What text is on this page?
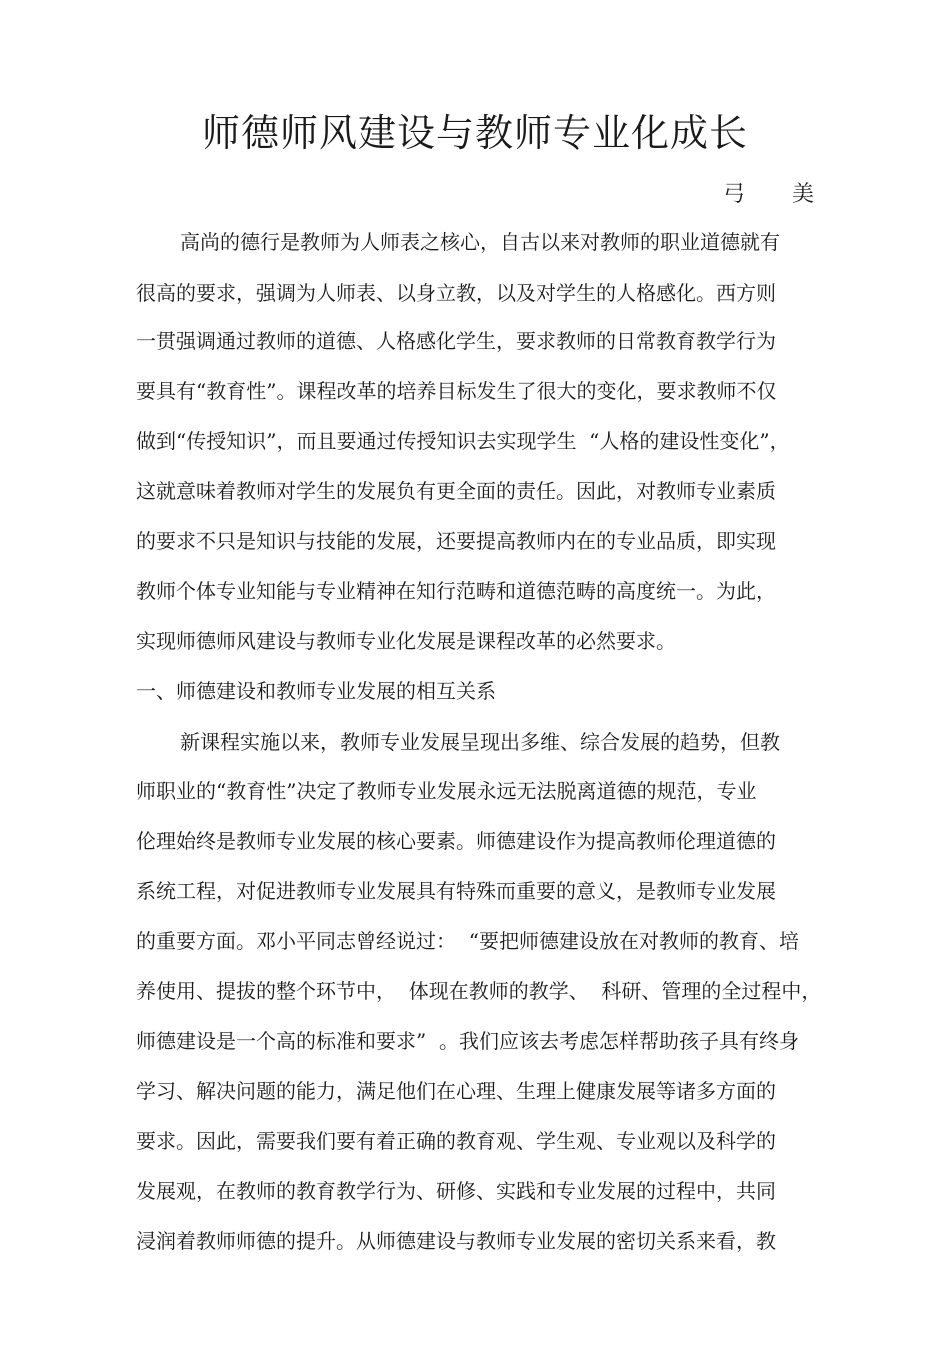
师德师风建设与教师专业化成长

弓 美

高尚的德行是教师为人师表之核心，自古以来对教师的职业道德就有

很高的要求，强调为人师表、以身立教，以及对学生的人格感化。西方则

一贯强调通过教师的道德、人格感化学生，要求教师的日常教育教学行为

要具有“教育性”。课程改革的培养目标发生了很大的变化，要求教师不仅

做到“传授知识”，而且要通过传授知识去实现学生  “人格的建设性变化”，

这就意味着教师对学生的发展负有更全面的责任。因此，对教师专业素质

的要求不只是知识与技能的发展，还要提高教师内在的专业品质，即实现

教师个体专业知能与专业精神在知行范畴和道德范畴的高度统一。为此，

实现师德师风建设与教师专业化发展是课程改革的必然要求。

一、师德建设和教师专业发展的相互关系

新课程实施以来，教师专业发展呈现出多维、综合发展的趋势，但教

师职业的“教育性”决定了教师专业发展永远无法脱离道德的规范，专业

伦理始终是教师专业发展的核心要素。师德建设作为提高教师伦理道德的

系统工程，对促进教师专业发展具有特殊而重要的意义，是教师专业发展

的重要方面。邓小平同志曾经说过：  “要把师德建设放在对教师的教育、培

养使用、提拔的整个环节中，  体现在教师的教学、  科研、管理的全过程中，

师德建设是一个高的标准和要求”  。我们应该去考虑怎样帮助孩子具有终身

学习、解决问题的能力，满足他们在心理、生理上健康发展等诸多方面的

要求。因此，需要我们要有着正确的教育观、学生观、专业观以及科学的

发展观，在教师的教育教学行为、研修、实践和专业发展的过程中，共同

浸润着教师师德的提升。从师德建设与教师专业发展的密切关系来看，教
